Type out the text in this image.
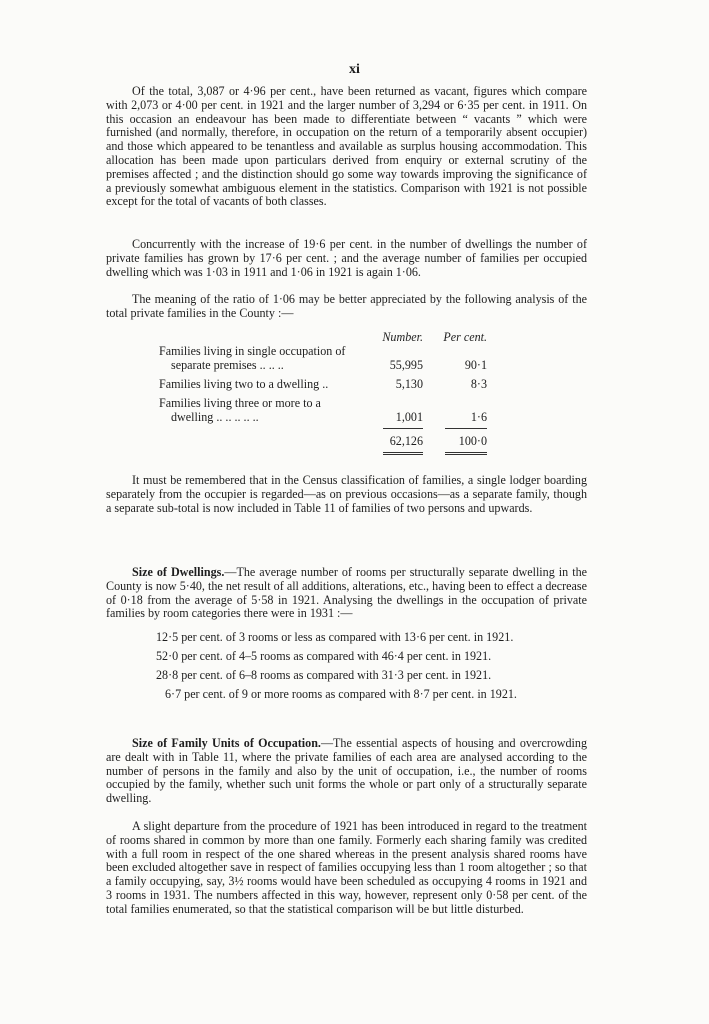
xi

Of the total, 3,087 or 4·96 per cent., have been returned as vacant, figures which compare with 2,073 or 4·00 per cent. in 1921 and the larger number of 3,294 or 6·35 per cent. in 1911. On this occasion an endeavour has been made to differentiate between “ vacants ” which were furnished (and normally, therefore, in occupation on the return of a temporarily absent occupier) and those which appeared to be tenantless and available as surplus housing accommodation. This allocation has been made upon particulars derived from enquiry or external scrutiny of the premises affected ; and the distinction should go some way towards improving the significance of a previously somewhat ambiguous element in the statistics. Comparison with 1921 is not possible except for the total of vacants of both classes.

Concurrently with the increase of 19·6 per cent. in the number of dwellings the number of private families has grown by 17·6 per cent. ; and the average number of families per occupied dwelling which was 1·03 in 1911 and 1·06 in 1921 is again 1·06.

The meaning of the ratio of 1·06 may be better appreciated by the following analysis of the total private families in the County :—

Number.	Per cent.
Families living in single occupation of
separate premises .. .. ..	55,995	90·1
Families living two to a dwelling ..	5,130	8·3
Families living three or more to a
dwelling .. .. .. .. ..	1,001	1·6
62,126	100·0

It must be remembered that in the Census classification of families, a single lodger boarding separately from the occupier is regarded—as on previous occasions—as a separate family, though a separate sub-total is now included in Table 11 of families of two persons and upwards.

Size of Dwellings.—The average number of rooms per structurally separate dwelling in the County is now 5·40, the net result of all additions, alterations, etc., having been to effect a decrease of 0·18 from the average of 5·58 in 1921. Analysing the dwellings in the occupation of private families by room categories there were in 1931 :—

12·5 per cent. of 3 rooms or less as compared with 13·6 per cent. in 1921.
52·0 per cent. of 4–5 rooms as compared with 46·4 per cent. in 1921.
28·8 per cent. of 6–8 rooms as compared with 31·3 per cent. in 1921.
6·7 per cent. of 9 or more rooms as compared with 8·7 per cent. in 1921.

Size of Family Units of Occupation.—The essential aspects of housing and overcrowding are dealt with in Table 11, where the private families of each area are analysed according to the number of persons in the family and also by the unit of occupation, i.e., the number of rooms occupied by the family, whether such unit forms the whole or part only of a structurally separate dwelling.

A slight departure from the procedure of 1921 has been introduced in regard to the treatment of rooms shared in common by more than one family. Formerly each sharing family was credited with a full room in respect of the one shared whereas in the present analysis shared rooms have been excluded altogether save in respect of families occupying less than 1 room altogether ; so that a family occupying, say, 3½ rooms would have been scheduled as occupying 4 rooms in 1921 and 3 rooms in 1931. The numbers affected in this way, however, represent only 0·58 per cent. of the total families enumerated, so that the statistical comparison will be but little disturbed.
